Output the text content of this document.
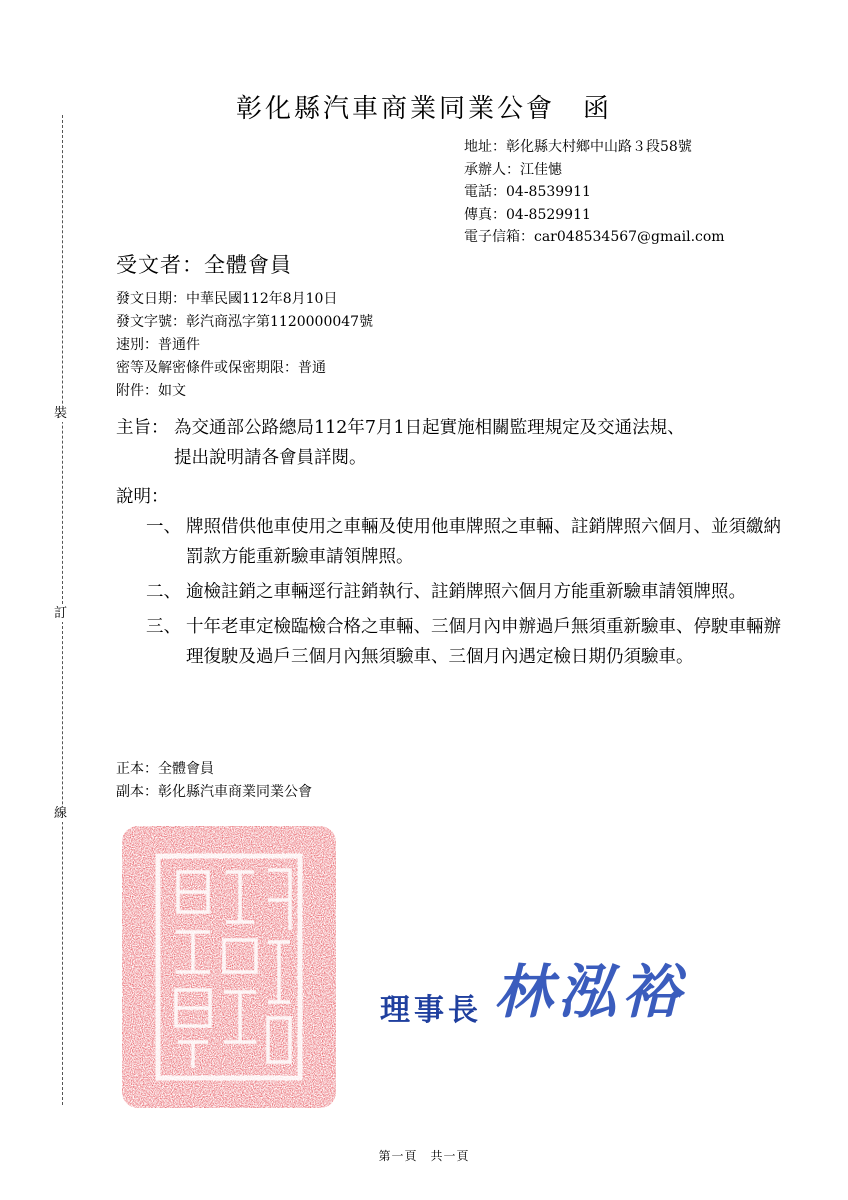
裝
訂
線
彰化縣汽車商業同業公會 函
地址：彰化縣大村鄉中山路３段58號
承辦人：江佳憓
電話：04-8539911
傳真：04-8529911
電子信箱：car048534567@gmail.com
受文者：全體會員
發文日期：中華民國112年8月10日
發文字號：彰汽商泓字第1120000047號
速別：普通件
密等及解密條件或保密期限：普通
附件：如文
主旨： 為交通部公路總局112年7月1日起實施相關監理規定及交通法規、
提出說明請各會員詳閱。
說明：
一、 牌照借供他車使用之車輛及使用他車牌照之車輛、註銷牌照六個月、並須繳納罰款方能重新驗車請領牌照。
二、 逾檢註銷之車輛逕行註銷執行、註銷牌照六個月方能重新驗車請領牌照。
三、 十年老車定檢臨檢合格之車輛、三個月內申辦過戶無須重新驗車、停駛車輛辦理復駛及過戶三個月內無須驗車、三個月內遇定檢日期仍須驗車。
正本：全體會員
副本：彰化縣汽車商業同業公會
理事長 林泓裕
第一頁　共一頁
